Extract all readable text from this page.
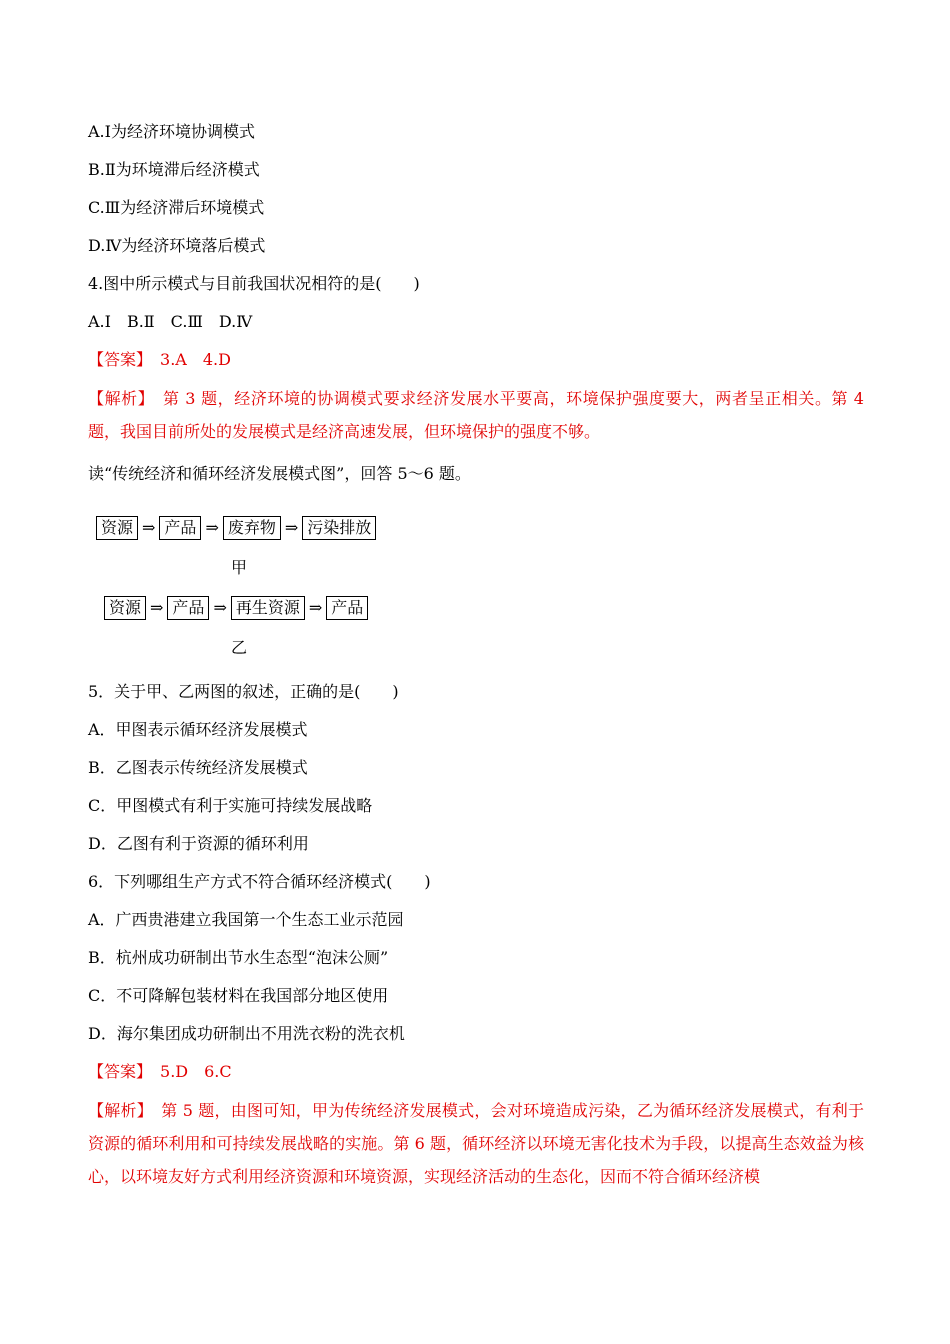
A.Ⅰ为经济环境协调模式
B.Ⅱ为环境滞后经济模式
C.Ⅲ为经济滞后环境模式
D.Ⅳ为经济环境落后模式
4.图中所示模式与目前我国状况相符的是(　　)
A.Ⅰ　B.Ⅱ　C.Ⅲ　D.Ⅳ
【答案】　 3.A　4.D
【解析】　 第 3 题，经济环境的协调模式要求经济发展水平要高，环境保护强度要大，两者呈正相关。第 4 题，我国目前所处的发展模式是经济高速发展，但环境保护的强度不够。
读“传统经济和循环经济发展模式图”，回答 5～6 题。
资源 ⇒ 产品 ⇒ 废弃物 ⇒ 污染排放
甲
资源 ⇒ 产品 ⇒ 再生资源 ⇒ 产品
乙
5．关于甲、乙两图的叙述，正确的是(　　)
A．甲图表示循环经济发展模式
B．乙图表示传统经济发展模式
C．甲图模式有利于实施可持续发展战略
D．乙图有利于资源的循环利用
6．下列哪组生产方式不符合循环经济模式(　　)
A．广西贵港建立我国第一个生态工业示范园
B．杭州成功研制出节水生态型“泡沫公厕”
C．不可降解包装材料在我国部分地区使用
D．海尔集团成功研制出不用洗衣粉的洗衣机
【答案】　 5.D　6.C
【解析】　 第 5 题，由图可知，甲为传统经济发展模式，会对环境造成污染，乙为循环经济发展模式，有利于资源的循环利用和可持续发展战略的实施。第 6 题，循环经济以环境无害化技术为手段，以提高生态效益为核心，以环境友好方式利用经济资源和环境资源，实现经济活动的生态化，因而不符合循环经济模
